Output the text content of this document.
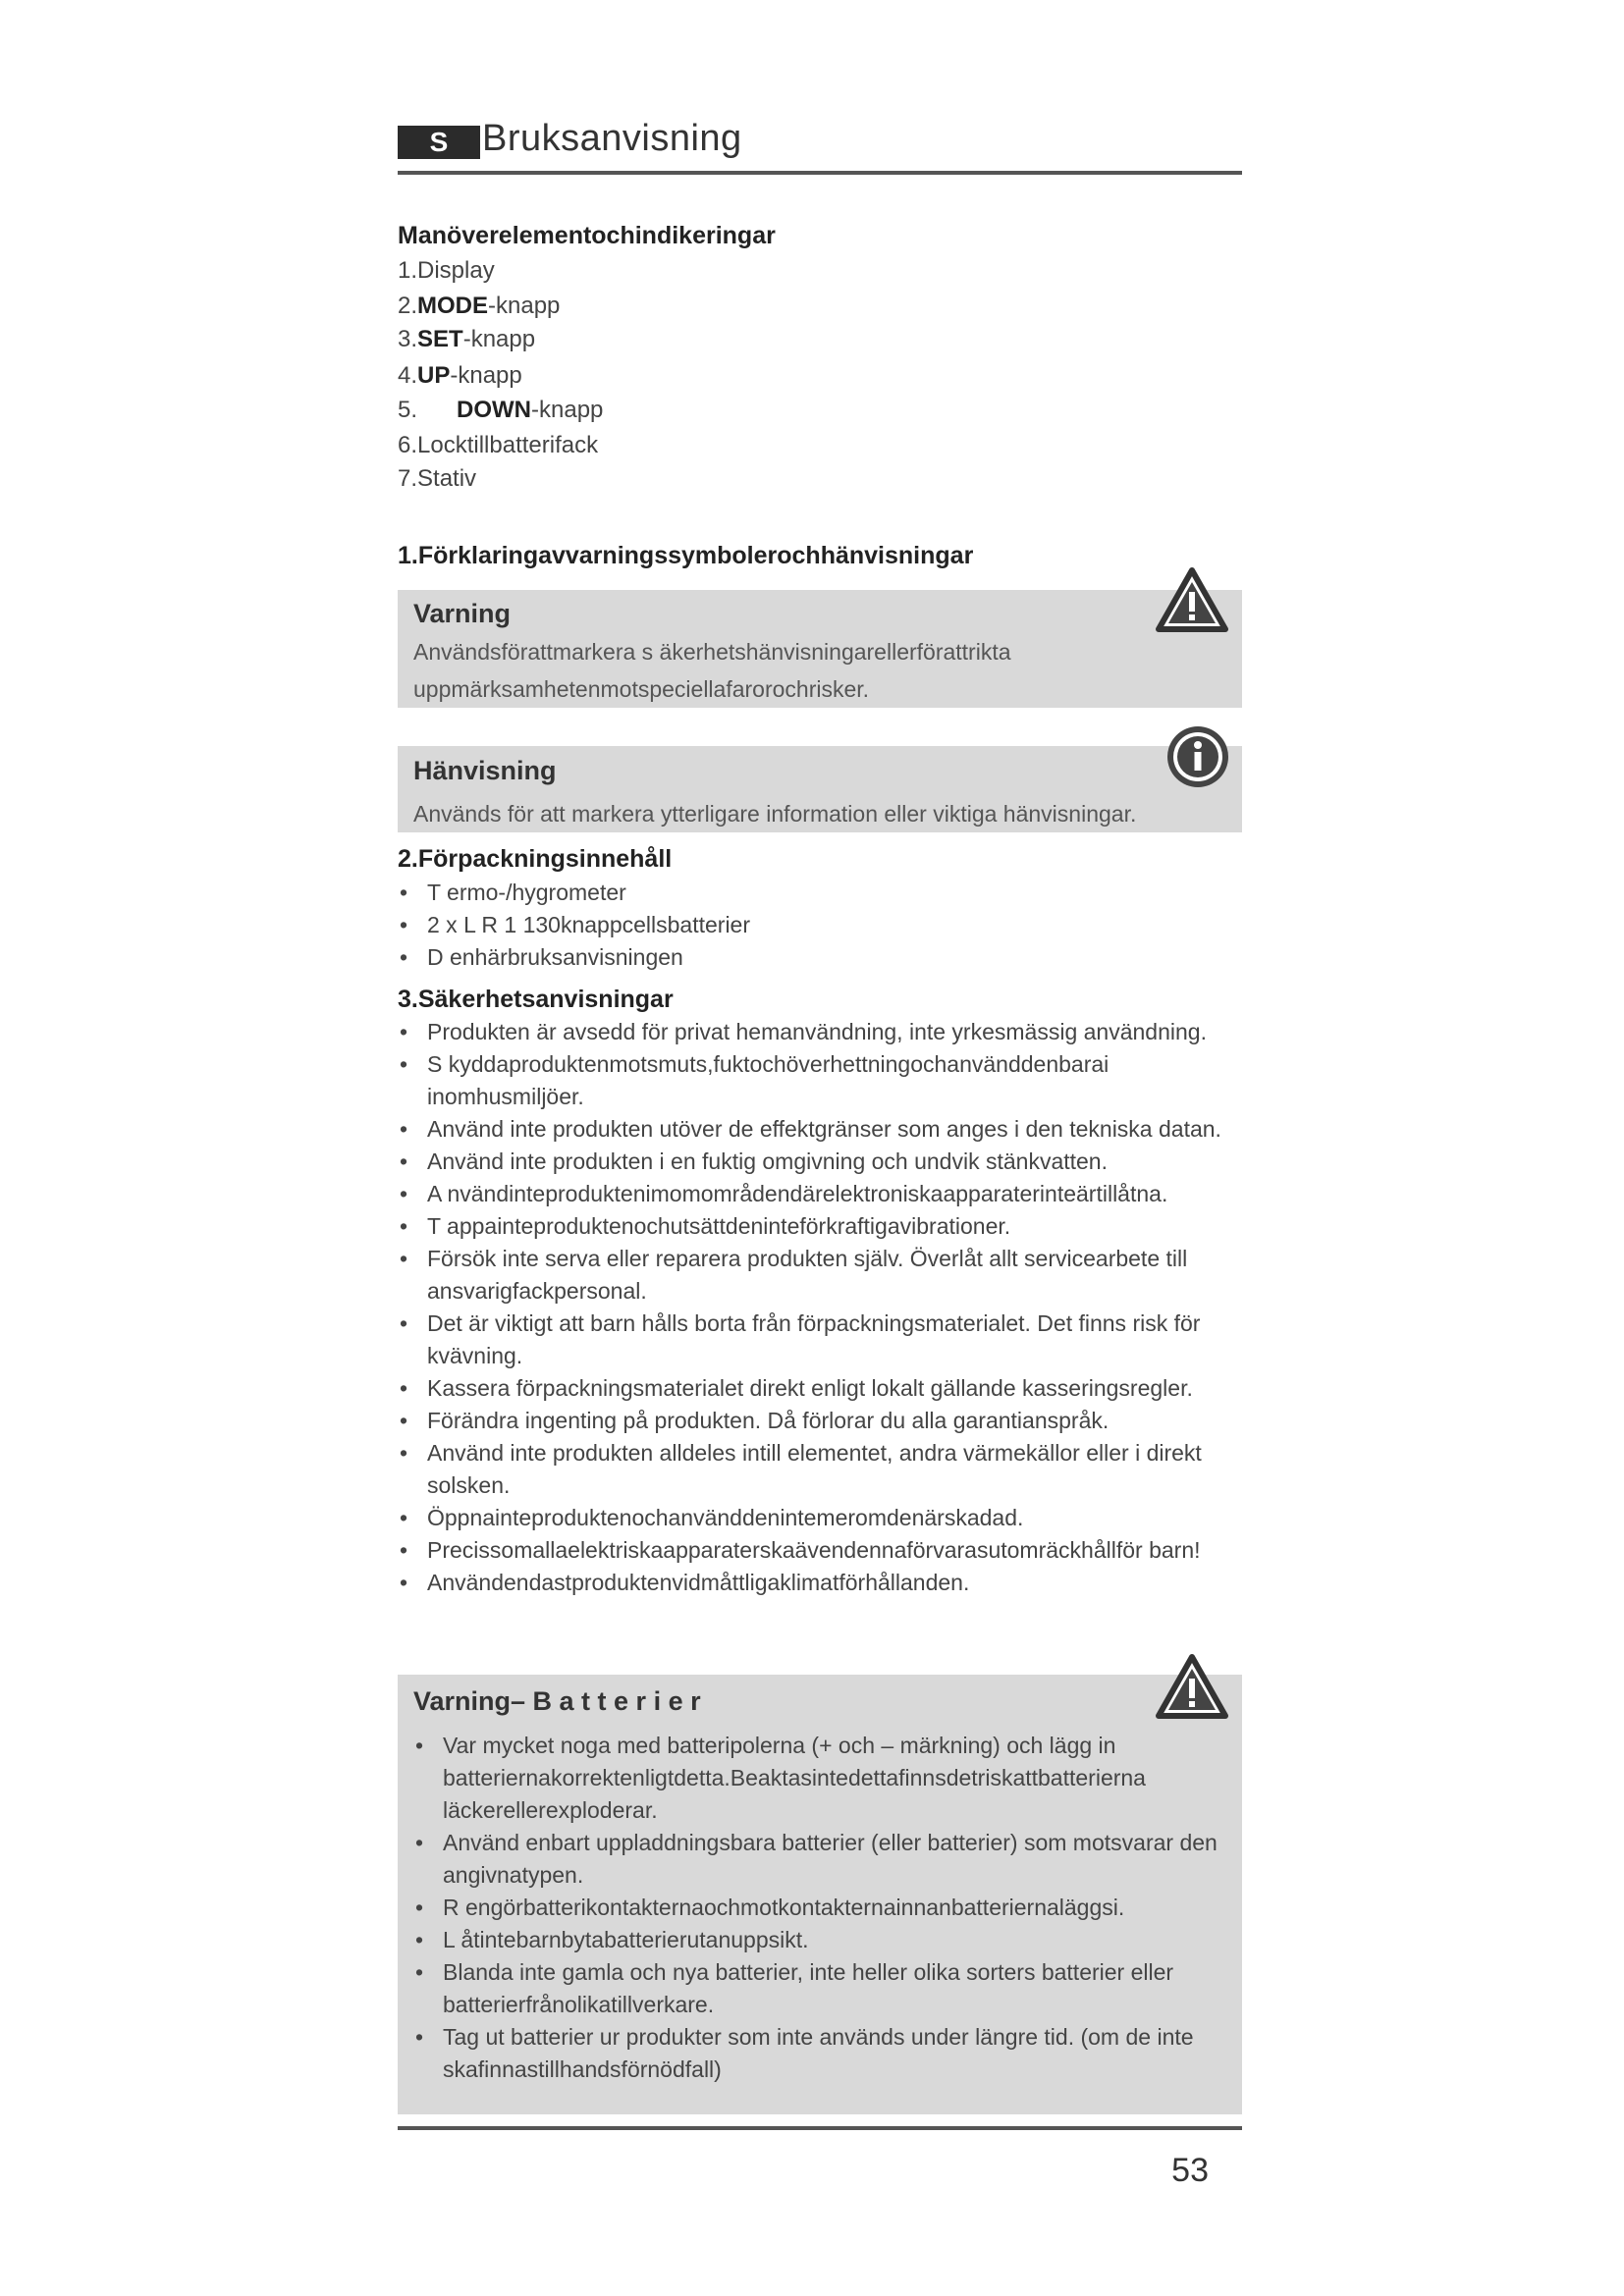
S Bruksanvisning
Manöverelementochindikeringar
1.Display
2.MODE-knapp
3.SET-knapp
4.UP-knapp
5.      DOWN-knapp
6.Locktillbatterifack
7.Stativ
1.Förklaringavvarningssymbolerochhänvisningar
Varning
Användsförattmarkera s äkerhetshänvisningarellerförattrikta
uppmärksamhetenmotspeciellafarorochrisker.
Hänvisning
Används för att markera ytterligare information eller viktiga hänvisningar.
2.Förpackningsinnehåll
• T ermo-/hygrometer
• 2 x L R 1 130knappcellsbatterier
• D enhärbruksanvisningen
3.Säkerhetsanvisningar
• Produkten är avsedd för privat hemanvändning, inte yrkesmässig användning.
• S kyddaproduktenmotsmuts,fuktochöverhettningochanvänddenbarai inomhusmiljöer.
• Använd inte produkten utöver de effektgränser som anges i den tekniska datan.
• Använd inte produkten i en fuktig omgivning och undvik stänkvatten.
• A nvändinteproduktenimomområdendärelektroniskaapparaterinteärtillåtna.
• T appainteproduktenochutsättdeninteförkraftigavibrationer.
• Försök inte serva eller reparera produkten själv. Överlåt allt servicearbete till ansvarigfackpersonal.
• Det är viktigt att barn hålls borta från förpackningsmaterialet. Det finns risk för kvävning.
• Kassera förpackningsmaterialet direkt enligt lokalt gällande kasseringsregler.
• Förändra ingenting på produkten. Då förlorar du alla garantianspråk.
• Använd inte produkten alldeles intill elementet, andra värmekällor eller i direkt solsken.
• Öppnainteproduktenochanvänddenintemeromdenärskadad.
• Precissomallaelektriskaapparaterskaävendennaförvarasutomräckhållför barn!
• Användendastproduktenvidmåttligaklimatförhållanden.
Varning– B a t t e r i e r
• Var mycket noga med batteripolerna (+ och – märkning) och lägg in batteriernakorrektenligtdetta.Beaktasintedettafinnsdetriskattbatterierna läckerellerexploderar.
• Använd enbart uppladdningsbara batterier (eller batterier) som motsvarar den angivnatypen.
• R engörbatterikontakternaochmotkontakternainnanbatteriernaläggsi.
• L åtintebarnbytabatterierutanuppsikt.
• Blanda inte gamla och nya batterier, inte heller olika sorters batterier eller batterierfrånolikatillverkare.
• Tag ut batterier ur produkter som inte används under längre tid. (om de inte skafinnastillhandsförnödfall)
53
